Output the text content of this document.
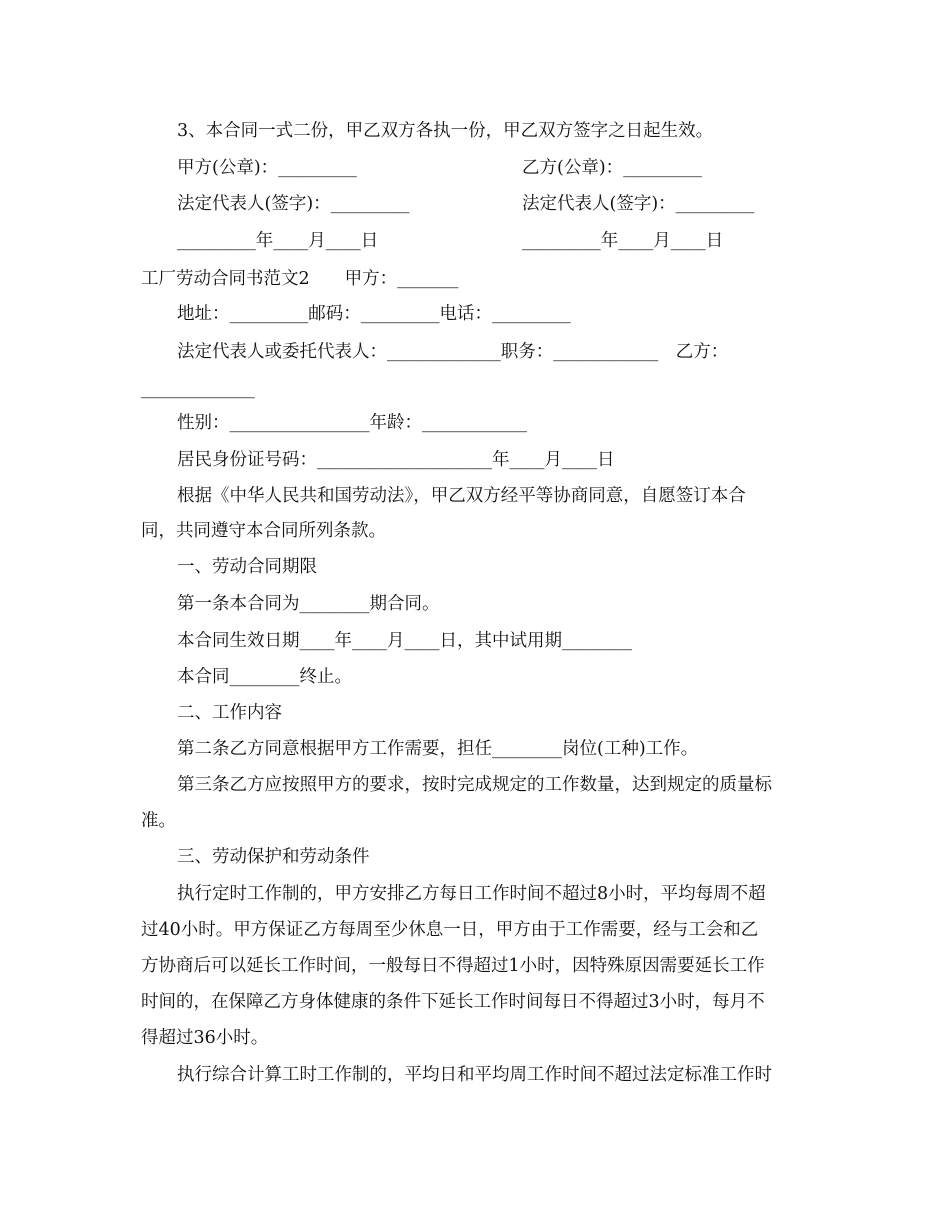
3、本合同一式二份，甲乙双方各执一份，甲乙双方签字之日起生效。
甲方(公章)：_________	乙方(公章)：_________
法定代表人(签字)：_________	法定代表人(签字)：_________
_________年____月____日	_________年____月____日
工厂劳动合同书范文2　　甲方：_______
地址：_________邮码：_________电话：_________
法定代表人或委托代表人：_____________职务：____________　乙方：
_____________
性别：________________年龄：____________
居民身份证号码：____________________年____月____日
根据《中华人民共和国劳动法》，甲乙双方经平等协商同意，自愿签订本合
同，共同遵守本合同所列条款。
一、劳动合同期限
第一条本合同为________期合同。
本合同生效日期____年____月____日，其中试用期________
本合同________终止。
二、工作内容
第二条乙方同意根据甲方工作需要，担任________岗位(工种)工作。
第三条乙方应按照甲方的要求，按时完成规定的工作数量，达到规定的质量标
准。
三、劳动保护和劳动条件
执行定时工作制的，甲方安排乙方每日工作时间不超过8小时，平均每周不超
过40小时。甲方保证乙方每周至少休息一日，甲方由于工作需要，经与工会和乙
方协商后可以延长工作时间，一般每日不得超过1小时，因特殊原因需要延长工作
时间的，在保障乙方身体健康的条件下延长工作时间每日不得超过3小时，每月不
得超过36小时。
执行综合计算工时工作制的，平均日和平均周工作时间不超过法定标准工作时
